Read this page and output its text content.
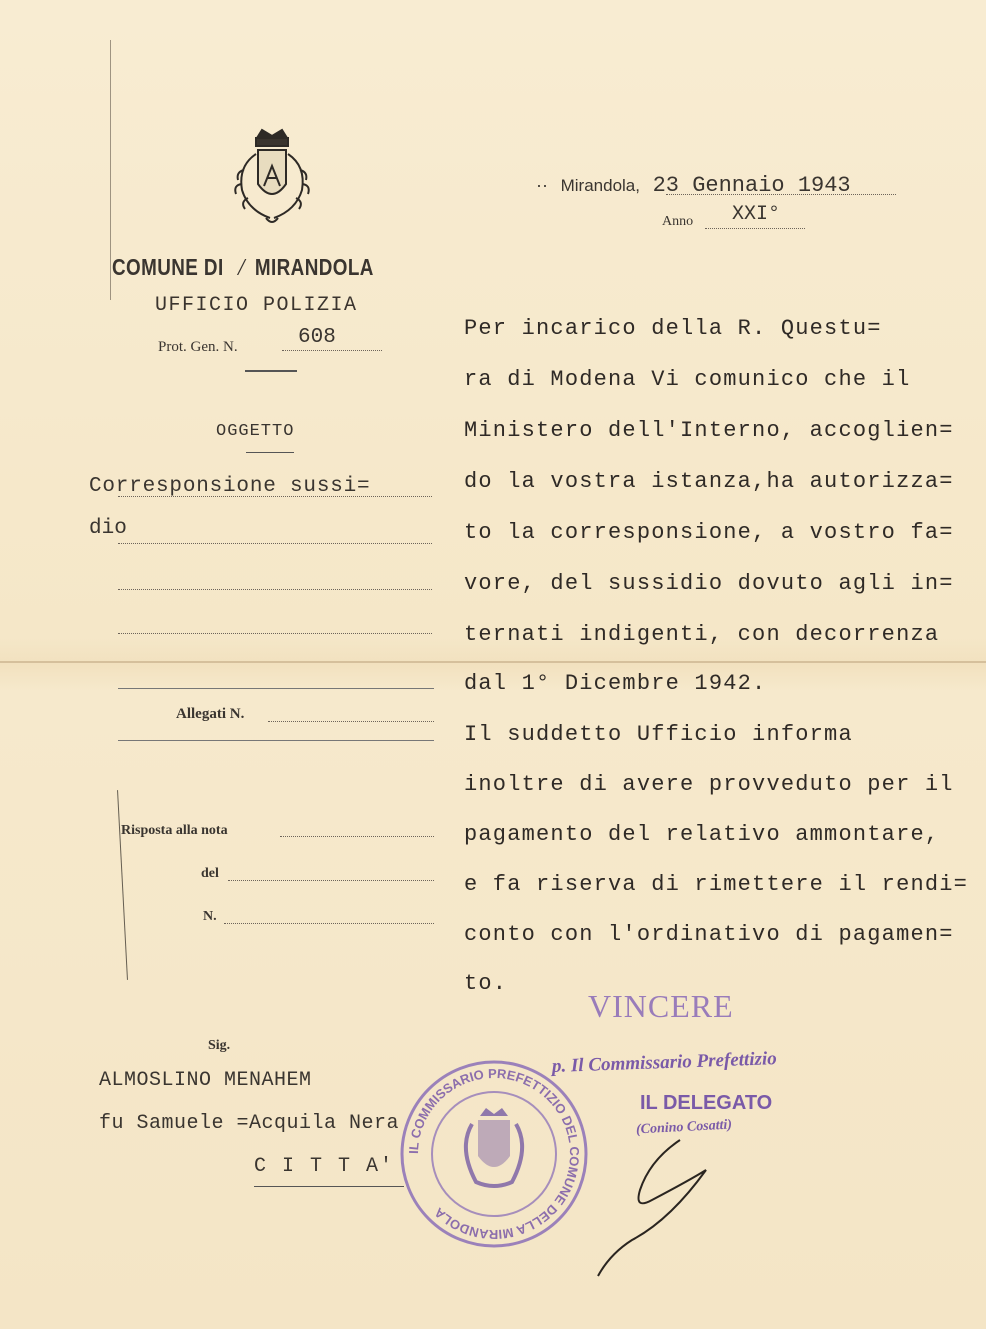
COMUNE DI ⁄ MIRANDOLA
UFFICIO POLIZIA
Prot. Gen. N.	608
·· Mirandola, 23 Gennaio 1943
Anno XXI°
OGGETTO
Corresponsione sussi=
dio
Allegati N.
Risposta alla nota
del
N.
Sig.
ALMOSLINO MENAHEM
fu Samuele =Acquila Nera
C I T T A'
Per incarico della R. Questu=
ra di Modena Vi comunico che il
Ministero dell'Interno, accoglien=
do la vostra istanza,ha autorizza=
to la corresponsione, a vostro fa=
vore, del sussidio dovuto agli in=
ternati indigenti, con decorrenza
dal 1° Dicembre 1942.
Il suddetto Ufficio informa
inoltre di avere provveduto per il
pagamento del relativo ammontare,
e fa riserva di rimettere il rendi=
conto con l'ordinativo di pagamen=
to.
VINCERE
p. Il Commissario Prefettizio
IL DELEGATO
(Conino Cosatti)
IL COMMISSARIO PREFETTIZIO DEL COMUNE DELLA MIRANDOLA
